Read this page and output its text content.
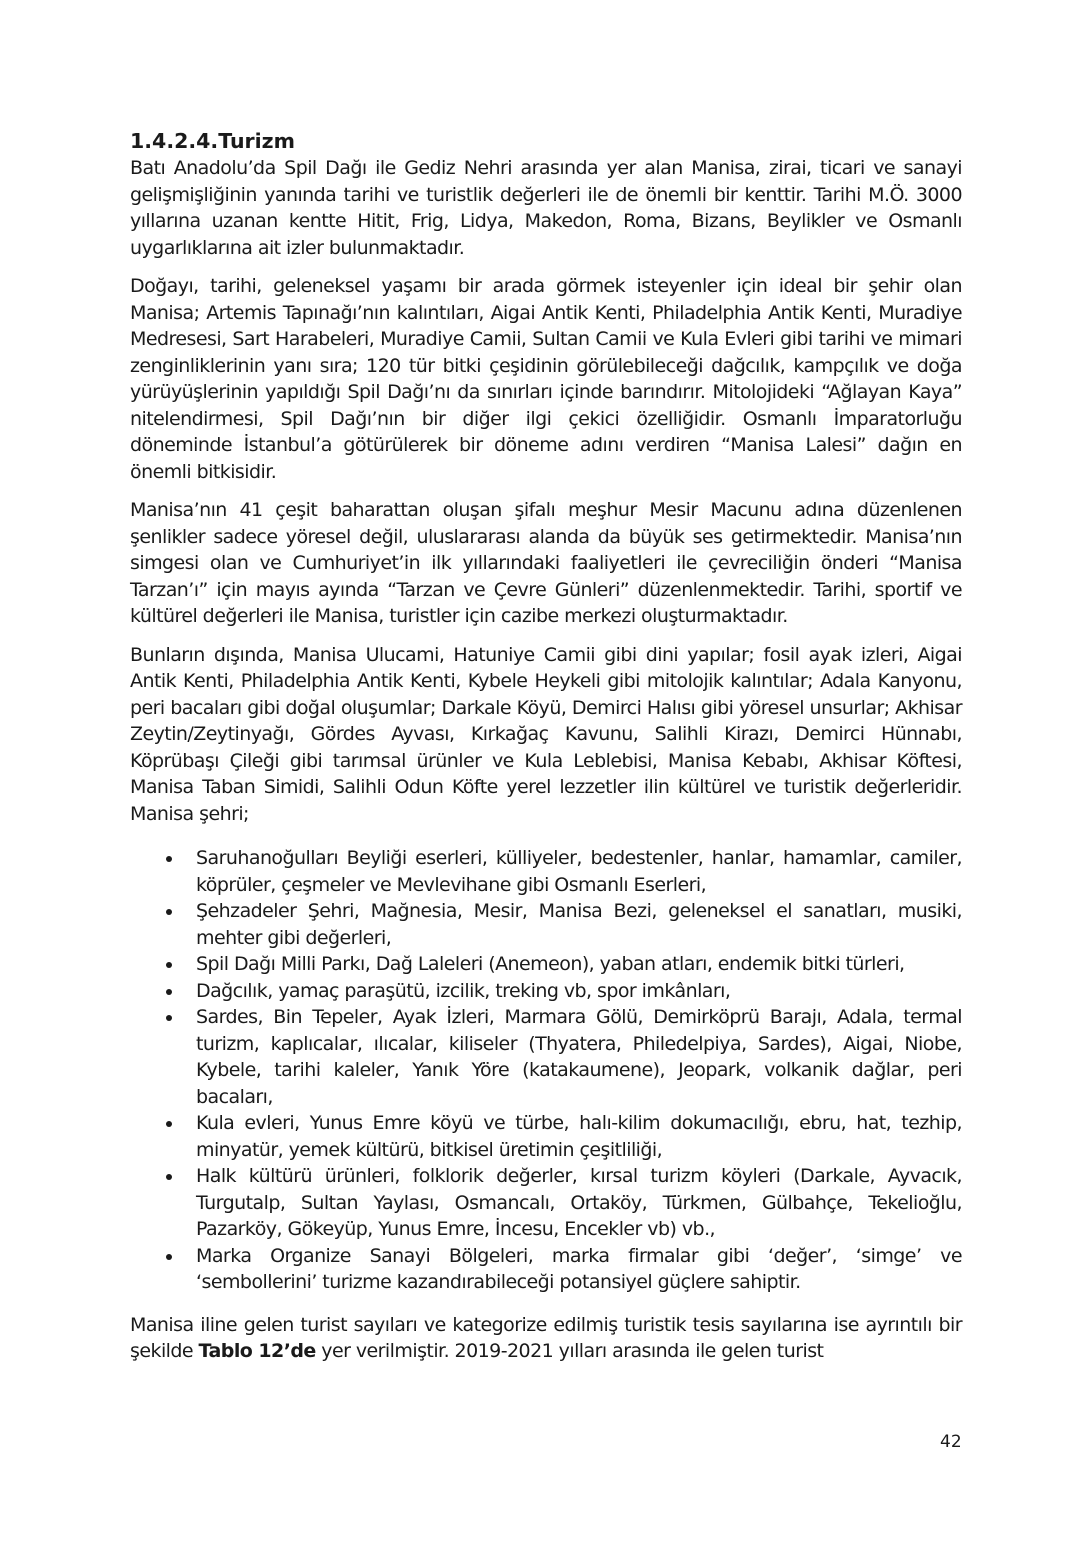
1.4.2.4.Turizm

Batı Anadolu’da Spil Dağı ile Gediz Nehri arasında yer alan Manisa, zirai, ticari ve sanayi gelişmişliğinin yanında tarihi ve turistlik değerleri ile de önemli bir kenttir. Tarihi M.Ö. 3000 yıllarına uzanan kentte Hitit, Frig, Lidya, Makedon, Roma, Bizans, Beylikler ve Osmanlı uygarlıklarına ait izler bulunmaktadır.

Doğayı, tarihi, geleneksel yaşamı bir arada görmek isteyenler için ideal bir şehir olan Manisa; Artemis Tapınağı’nın kalıntıları, Aigai Antik Kenti, Philadelphia Antik Kenti, Muradiye Medresesi, Sart Harabeleri, Muradiye Camii, Sultan Camii ve Kula Evleri gibi tarihi ve mimari zenginliklerinin yanı sıra; 120 tür bitki çeşidinin görülebileceği dağcılık, kampçılık ve doğa yürüyüşlerinin yapıldığı Spil Dağı’nı da sınırları içinde barındırır. Mitolojideki “Ağlayan Kaya” nitelendirmesi, Spil Dağı’nın bir diğer ilgi çekici özelliğidir. Osmanlı İmparatorluğu döneminde İstanbul’a götürülerek bir döneme adını verdiren “Manisa Lalesi” dağın en önemli bitkisidir.

Manisa’nın 41 çeşit baharattan oluşan şifalı meşhur Mesir Macunu adına düzenlenen şenlikler sadece yöresel değil, uluslararası alanda da büyük ses getirmektedir. Manisa’nın simgesi olan ve Cumhuriyet’in ilk yıllarındaki faaliyetleri ile çevreciliğin önderi “Manisa Tarzan’ı” için mayıs ayında “Tarzan ve Çevre Günleri” düzenlenmektedir. Tarihi, sportif ve kültürel değerleri ile Manisa, turistler için cazibe merkezi oluşturmaktadır.

Bunların dışında, Manisa Ulucami, Hatuniye Camii gibi dini yapılar; fosil ayak izleri, Aigai Antik Kenti, Philadelphia Antik Kenti, Kybele Heykeli gibi mitolojik kalıntılar; Adala Kanyonu, peri bacaları gibi doğal oluşumlar; Darkale Köyü, Demirci Halısı gibi yöresel unsurlar; Akhisar Zeytin/Zeytinyağı, Gördes Ayvası, Kırkağaç Kavunu, Salihli Kirazı, Demirci Hünnabı, Köprübaşı Çileği gibi tarımsal ürünler ve Kula Leblebisi, Manisa Kebabı, Akhisar Köftesi, Manisa Taban Simidi, Salihli Odun Köfte yerel lezzetler ilin kültürel ve turistik değerleridir. Manisa şehri;

Saruhanoğulları Beyliği eserleri, külliyeler, bedestenler, hanlar, hamamlar, camiler, köprüler, çeşmeler ve Mevlevihane gibi Osmanlı Eserleri,
Şehzadeler Şehri, Mağnesia, Mesir, Manisa Bezi, geleneksel el sanatları, musiki, mehter gibi değerleri,
Spil Dağı Milli Parkı, Dağ Laleleri (Anemeon), yaban atları, endemik bitki türleri,
Dağcılık, yamaç paraşütü, izcilik, treking vb, spor imkânları,
Sardes, Bin Tepeler, Ayak İzleri, Marmara Gölü, Demirköprü Barajı, Adala, termal turizm, kaplıcalar, ılıcalar, kiliseler (Thyatera, Philedelpiya, Sardes), Aigai, Niobe, Kybele, tarihi kaleler, Yanık Yöre (katakaumene), Jeopark, volkanik dağlar, peri bacaları,
Kula evleri, Yunus Emre köyü ve türbe, halı-kilim dokumacılığı, ebru, hat, tezhip, minyatür, yemek kültürü, bitkisel üretimin çeşitliliği,
Halk kültürü ürünleri, folklorik değerler, kırsal turizm köyleri (Darkale, Ayvacık, Turgutalp, Sultan Yaylası, Osmancalı, Ortaköy, Türkmen, Gülbahçe, Tekelioğlu, Pazarköy, Gökeyüp, Yunus Emre, İncesu, Encekler vb) vb.,
Marka Organize Sanayi Bölgeleri, marka firmalar gibi ‘değer’, ‘simge’ ve ‘sembollerini’ turizme kazandırabileceği potansiyel güçlere sahiptir.

Manisa iline gelen turist sayıları ve kategorize edilmiş turistik tesis sayılarına ise ayrıntılı bir şekilde Tablo 12’de yer verilmiştir. 2019-2021 yılları arasında ile gelen turist

42
